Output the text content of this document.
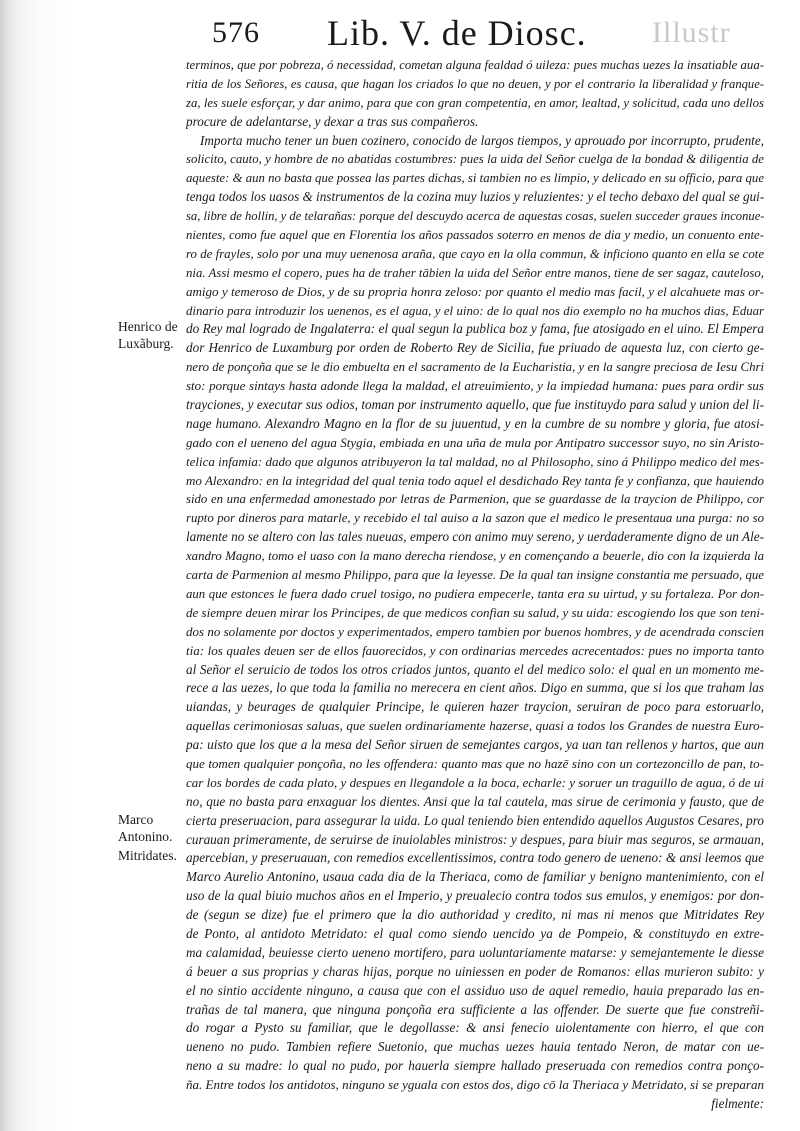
576 Lib. V. de Diosc. Illustr
Henrico de Luxãburg.
Marco Antonino.
Mitridates.
terminos, que por pobreza, ó necessidad, cometan alguna fealdad ó uileza: pues muchas uezes la insatiable aua-
ritia de los Señores, es causa, que hagan los criados lo que no deuen, y por el contrario la liberalidad y franque-
za, les suele esforçar, y dar animo, para que con gran competentia, en amor, lealtad, y solicitud, cada uno dellos
procure de adelantarse, y dexar a tras sus compañeros.
Importa mucho tener un buen cozinero, conocido de largos tiempos, y aprouado por incorrupto, prudente,
solicito, cauto, y hombre de no abatidas costumbres: pues la uida del Señor cuelga de la bondad & diligentia de
aqueste: & aun no basta que possea las partes dichas, si tambien no es limpio, y delicado en su officio, para que
tenga todos los uasos & instrumentos de la cozina muy luzios y reluzientes: y el techo debaxo del qual se gui-
sa, libre de hollin, y de telarañas: porque del descuydo acerca de aquestas cosas, suelen succeder graues inconue-
nientes, como fue aquel que en Florentia los años passados soterro en menos de dia y medio, un conuento ente-
ro de frayles, solo por una muy uenenosa araña, que cayo en la olla commun, & inficiono quanto en ella se cote
nia. Assi mesmo el copero, pues ha de traher tābien la uida del Señor entre manos, tiene de ser sagaz, cauteloso,
amigo y temeroso de Dios, y de su propria honra zeloso: por quanto el medio mas facil, y el alcahuete mas or-
dinario para introduzir los uenenos, es el agua, y el uino: de lo qual nos dio exemplo no ha muchos dias, Eduar
do Rey mal logrado de Ingalaterra: el qual segun la publica boz y fama, fue atosigado en el uino. El Empera
dor Henrico de Luxamburg por orden de Roberto Rey de Sicilia, fue priuado de aquesta luz, con cierto ge-
nero de ponçoña que se le dio embuelta en el sacramento de la Eucharistia, y en la sangre preciosa de Iesu Chri
sto: porque sintays hasta adonde llega la maldad, el atreuimiento, y la impiedad humana: pues para ordir sus
trayciones, y executar sus odios, toman por instrumento aquello, que fue instituydo para salud y union del li-
nage humano. Alexandro Magno en la flor de su juuentud, y en la cumbre de su nombre y gloria, fue atosi-
gado con el ueneno del agua Stygia, embiada en una uña de mula por Antipatro successor suyo, no sin Aristo-
telica infamia: dado que algunos atribuyeron la tal maldad, no al Philosopho, sino á Philippo medico del mes-
mo Alexandro: en la integridad del qual tenia todo aquel el desdichado Rey tanta fe y confianza, que hauiendo
sido en una enfermedad amonestado por letras de Parmenion, que se guardasse de la traycion de Philippo, cor
rupto por dineros para matarle, y recebido el tal auiso a la sazon que el medico le presentaua una purga: no so
lamente no se altero con las tales nueuas, empero con animo muy sereno, y uerdaderamente digno de un Ale-
xandro Magno, tomo el uaso con la mano derecha riendose, y en començando a beuerle, dio con la izquierda la
carta de Parmenion al mesmo Philippo, para que la leyesse. De la qual tan insigne constantia me persuado, que
aun que estonces le fuera dado cruel tosigo, no pudiera empecerle, tanta era su uirtud, y su fortaleza. Por don-
de siempre deuen mirar los Principes, de que medicos confian su salud, y su uida: escogiendo los que son teni-
dos no solamente por doctos y experimentados, empero tambien por buenos hombres, y de acendrada conscien
tia: los quales deuen ser de ellos fauorecidos, y con ordinarias mercedes acrecentados: pues no importa tanto
al Señor el seruicio de todos los otros criados juntos, quanto el del medico solo: el qual en un momento me-
rece a las uezes, lo que toda la familia no merecera en cient años. Digo en summa, que si los que traham las
uiandas, y beurages de qualquier Principe, le quieren hazer traycion, seruiran de poco para estoruarlo,
aquellas cerimoniosas saluas, que suelen ordinariamente hazerse, quasi a todos los Grandes de nuestra Euro-
pa: uisto que los que a la mesa del Señor siruen de semejantes cargos, ya uan tan rellenos y hartos, que aun
que tomen qualquier ponçoña, no les offendera: quanto mas que no hazē sino con un cortezoncillo de pan, to-
car los bordes de cada plato, y despues en llegandole a la boca, echarle: y soruer un traguillo de agua, ó de ui
no, que no basta para enxaguar los dientes. Ansi que la tal cautela, mas sirue de cerimonia y fausto, que de
cierta preseruacion, para assegurar la uida. Lo qual teniendo bien entendido aquellos Augustos Cesares, pro
curauan primeramente, de seruirse de inuiolables ministros: y despues, para biuir mas seguros, se armauan,
apercebian, y preseruauan, con remedios excellentissimos, contra todo genero de ueneno: & ansi leemos que
Marco Aurelio Antonino, usaua cada dia de la Theriaca, como de familiar y benigno mantenimiento, con el
uso de la qual biuio muchos años en el Imperio, y preualecio contra todos sus emulos, y enemigos: por don-
de (segun se dize) fue el primero que la dio authoridad y credito, ni mas ni menos que Mitridates Rey
de Ponto, al antidoto Metridato: el qual como siendo uencido ya de Pompeio, & constituydo en extre-
ma calamidad, beuiesse cierto ueneno mortifero, para uoluntariamente matarse: y semejantemente le diesse
á beuer a sus proprias y charas hijas, porque no uiniessen en poder de Romanos: ellas murieron subito: y
el no sintio accidente ninguno, a causa que con el assiduo uso de aquel remedio, hauia preparado las en-
trañas de tal manera, que ninguna ponçoña era sufficiente a las offender. De suerte que fue constreñi-
do rogar a Pysto su familiar, que le degollasse: & ansi fenecio uiolentamente con hierro, el que con
ueneno no pudo. Tambien refiere Suetonio, que muchas uezes hauia tentado Neron, de matar con ue-
neno a su madre: lo qual no pudo, por hauerla siempre hallado preseruada con remedios contra ponço-
ña. Entre todos los antidotos, ninguno se yguala con estos dos, digo cō la Theriaca y Metridato, si se preparan
fielmente:
